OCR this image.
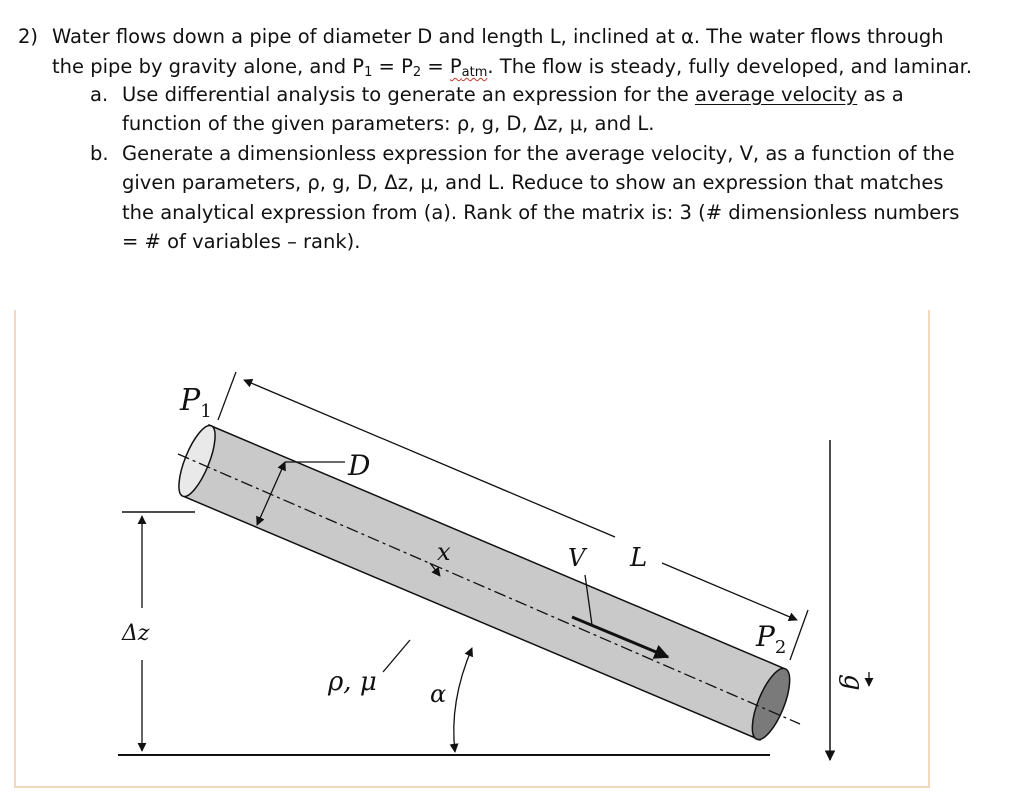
2) Water flows down a pipe of diameter D and length L, inclined at α. The water flows through
the pipe by gravity alone, and $P_1 = P_2 = P_{atm}$. The flow is steady, fully developed, and laminar.
a. Use differential analysis to generate an expression for the average velocity as a
function of the given parameters: ρ, g, D, Δz, μ, and L.
b. Generate a dimensionless expression for the average velocity, V, as a function of the
given parameters, ρ, g, D, Δz, μ, and L. Reduce to show an expression that matches
the analytical expression from (a). Rank of the matrix is: 3 (# dimensionless numbers
= # of variables – rank).
$P_1$
D
x	V L
$P_2$
Δz
ρ, μ α	g
